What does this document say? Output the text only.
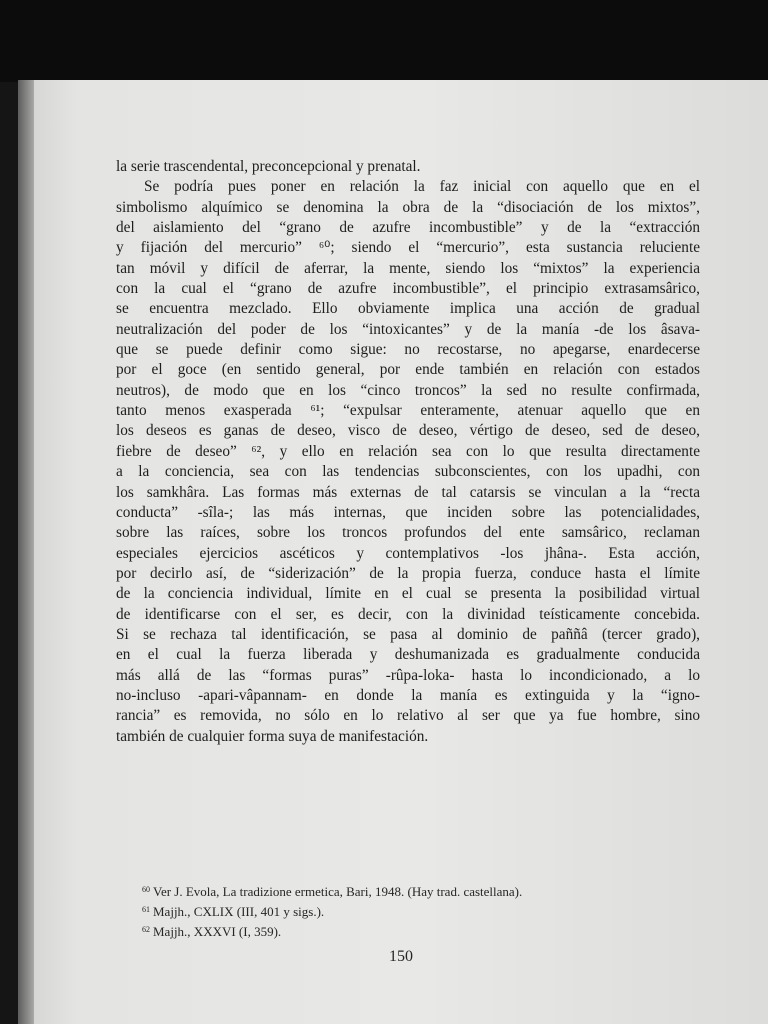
la serie trascendental, preconcepcional y prenatal.
Se podría pues poner en relación la faz inicial con aquello que en el
simbolismo alquímico se denomina la obra de la “disociación de los mixtos”,
del aislamiento del “grano de azufre incombustible” y de la “extracción
y fijación del mercurio” ⁶⁰; siendo el “mercurio”, esta sustancia reluciente
tan móvil y difícil de aferrar, la mente, siendo los “mixtos” la experiencia
con la cual el “grano de azufre incombustible”, el principio extrasamsârico,
se encuentra mezclado. Ello obviamente implica una acción de gradual
neutralización del poder de los “intoxicantes” y de la manía -de los âsava-
que se puede definir como sigue: no recostarse, no apegarse, enardecerse
por el goce (en sentido general, por ende también en relación con estados
neutros), de modo que en los “cinco troncos” la sed no resulte confirmada,
tanto menos exasperada ⁶¹; “expulsar enteramente, atenuar aquello que en
los deseos es ganas de deseo, visco de deseo, vértigo de deseo, sed de deseo,
fiebre de deseo” ⁶², y ello en relación sea con lo que resulta directamente
a la conciencia, sea con las tendencias subconscientes, con los upadhi, con
los samkhâra. Las formas más externas de tal catarsis se vinculan a la “recta
conducta” -sîla-; las más internas, que inciden sobre las potencialidades,
sobre las raíces, sobre los troncos profundos del ente samsârico, reclaman
especiales ejercicios ascéticos y contemplativos -los jhâna-. Esta acción,
por decirlo así, de “siderización” de la propia fuerza, conduce hasta el límite
de la conciencia individual, límite en el cual se presenta la posibilidad virtual
de identificarse con el ser, es decir, con la divinidad teísticamente concebida.
Si se rechaza tal identificación, se pasa al dominio de paññâ (tercer grado),
en el cual la fuerza liberada y deshumanizada es gradualmente conducida
más allá de las “formas puras” -rûpa-loka- hasta lo incondicionado, a lo
no-incluso -apari-vâpannam- en donde la manía es extinguida y la “igno-
rancia” es removida, no sólo en lo relativo al ser que ya fue hombre, sino
también de cualquier forma suya de manifestación.
$^{60}$ Ver J. Evola, La tradizione ermetica, Bari, 1948. (Hay trad. castellana).
$^{61}$ Majjh., CXLIX (III, 401 y sigs.).
$^{62}$ Majjh., XXXVI (I, 359).
150
